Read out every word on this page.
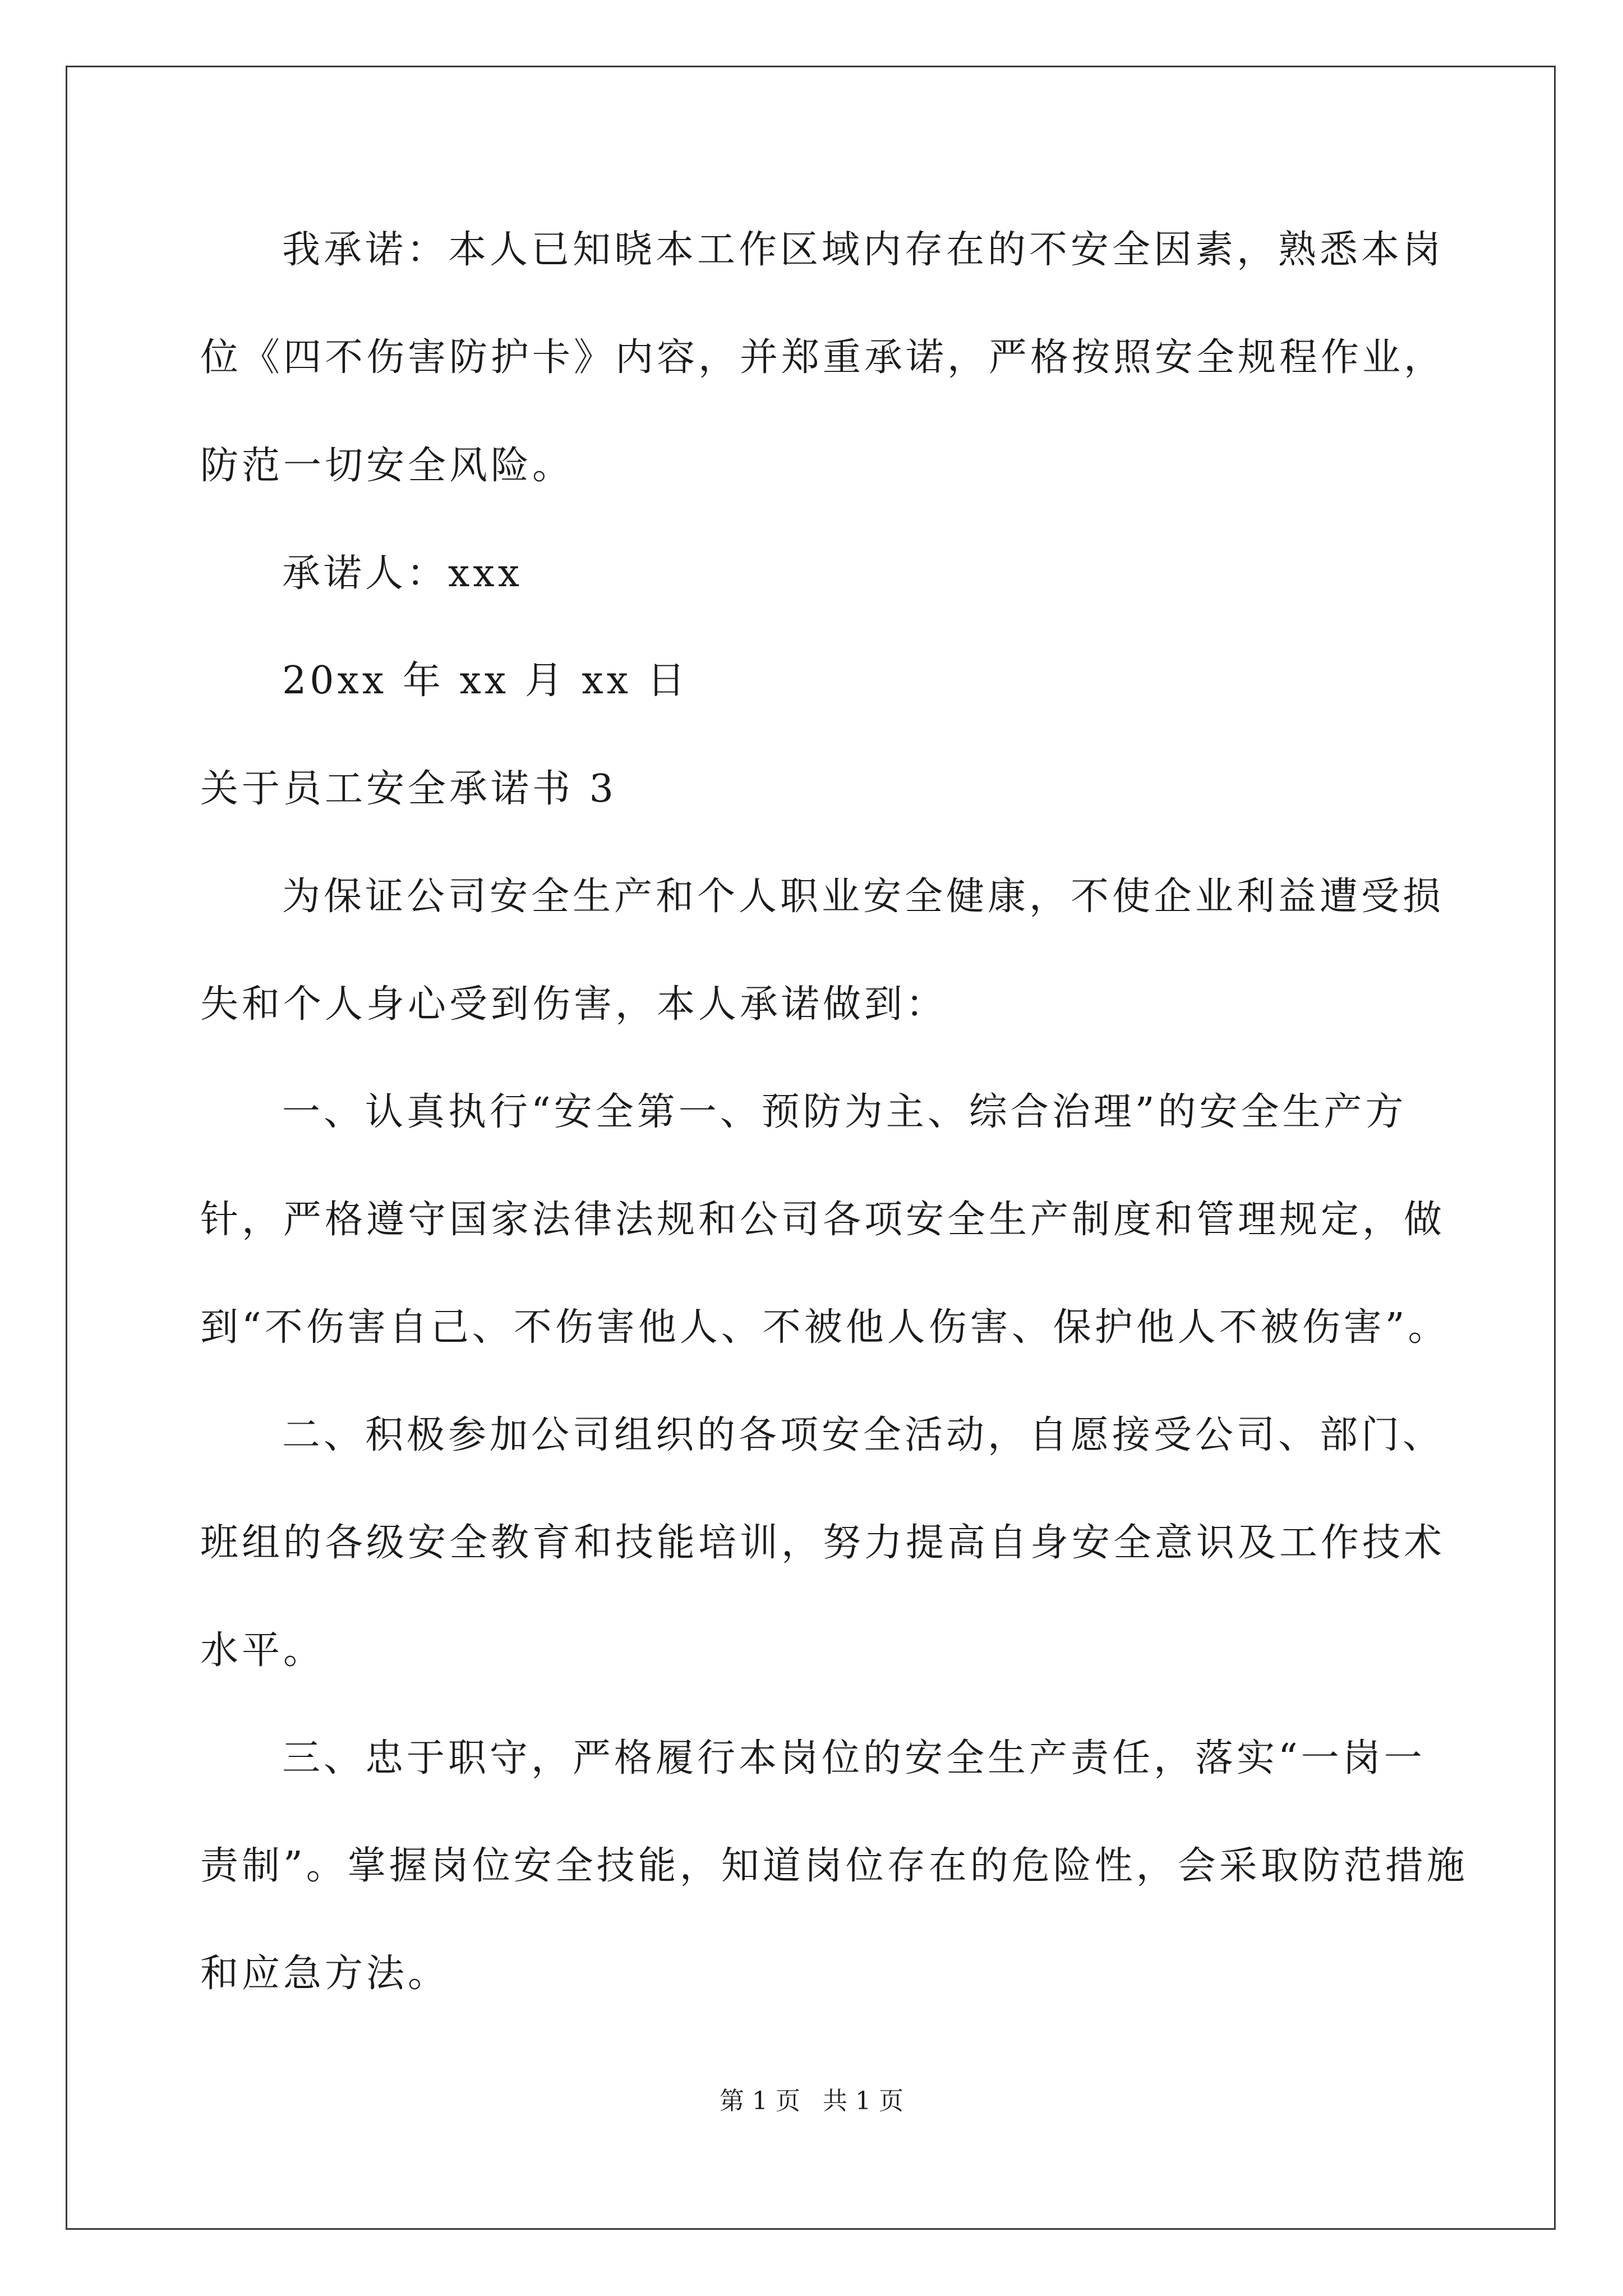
我承诺：本人已知晓本工作区域内存在的不安全因素，熟悉本岗

位《四不伤害防护卡》内容，并郑重承诺，严格按照安全规程作业，

防范一切安全风险。

承诺人：xxx

20xx 年 xx 月 xx 日

关于员工安全承诺书 3

为保证公司安全生产和个人职业安全健康，不使企业利益遭受损

失和个人身心受到伤害，本人承诺做到：

一、认真执行“安全第一、预防为主、综合治理”的安全生产方

针，严格遵守国家法律法规和公司各项安全生产制度和管理规定，做

到“不伤害自己、不伤害他人、不被他人伤害、保护他人不被伤害”。

二、积极参加公司组织的各项安全活动，自愿接受公司、部门、

班组的各级安全教育和技能培训，努力提高自身安全意识及工作技术

水平。

三、忠于职守，严格履行本岗位的安全生产责任，落实“一岗一

责制”。掌握岗位安全技能，知道岗位存在的危险性，会采取防范措施

和应急方法。

第 1 页 共 1 页
